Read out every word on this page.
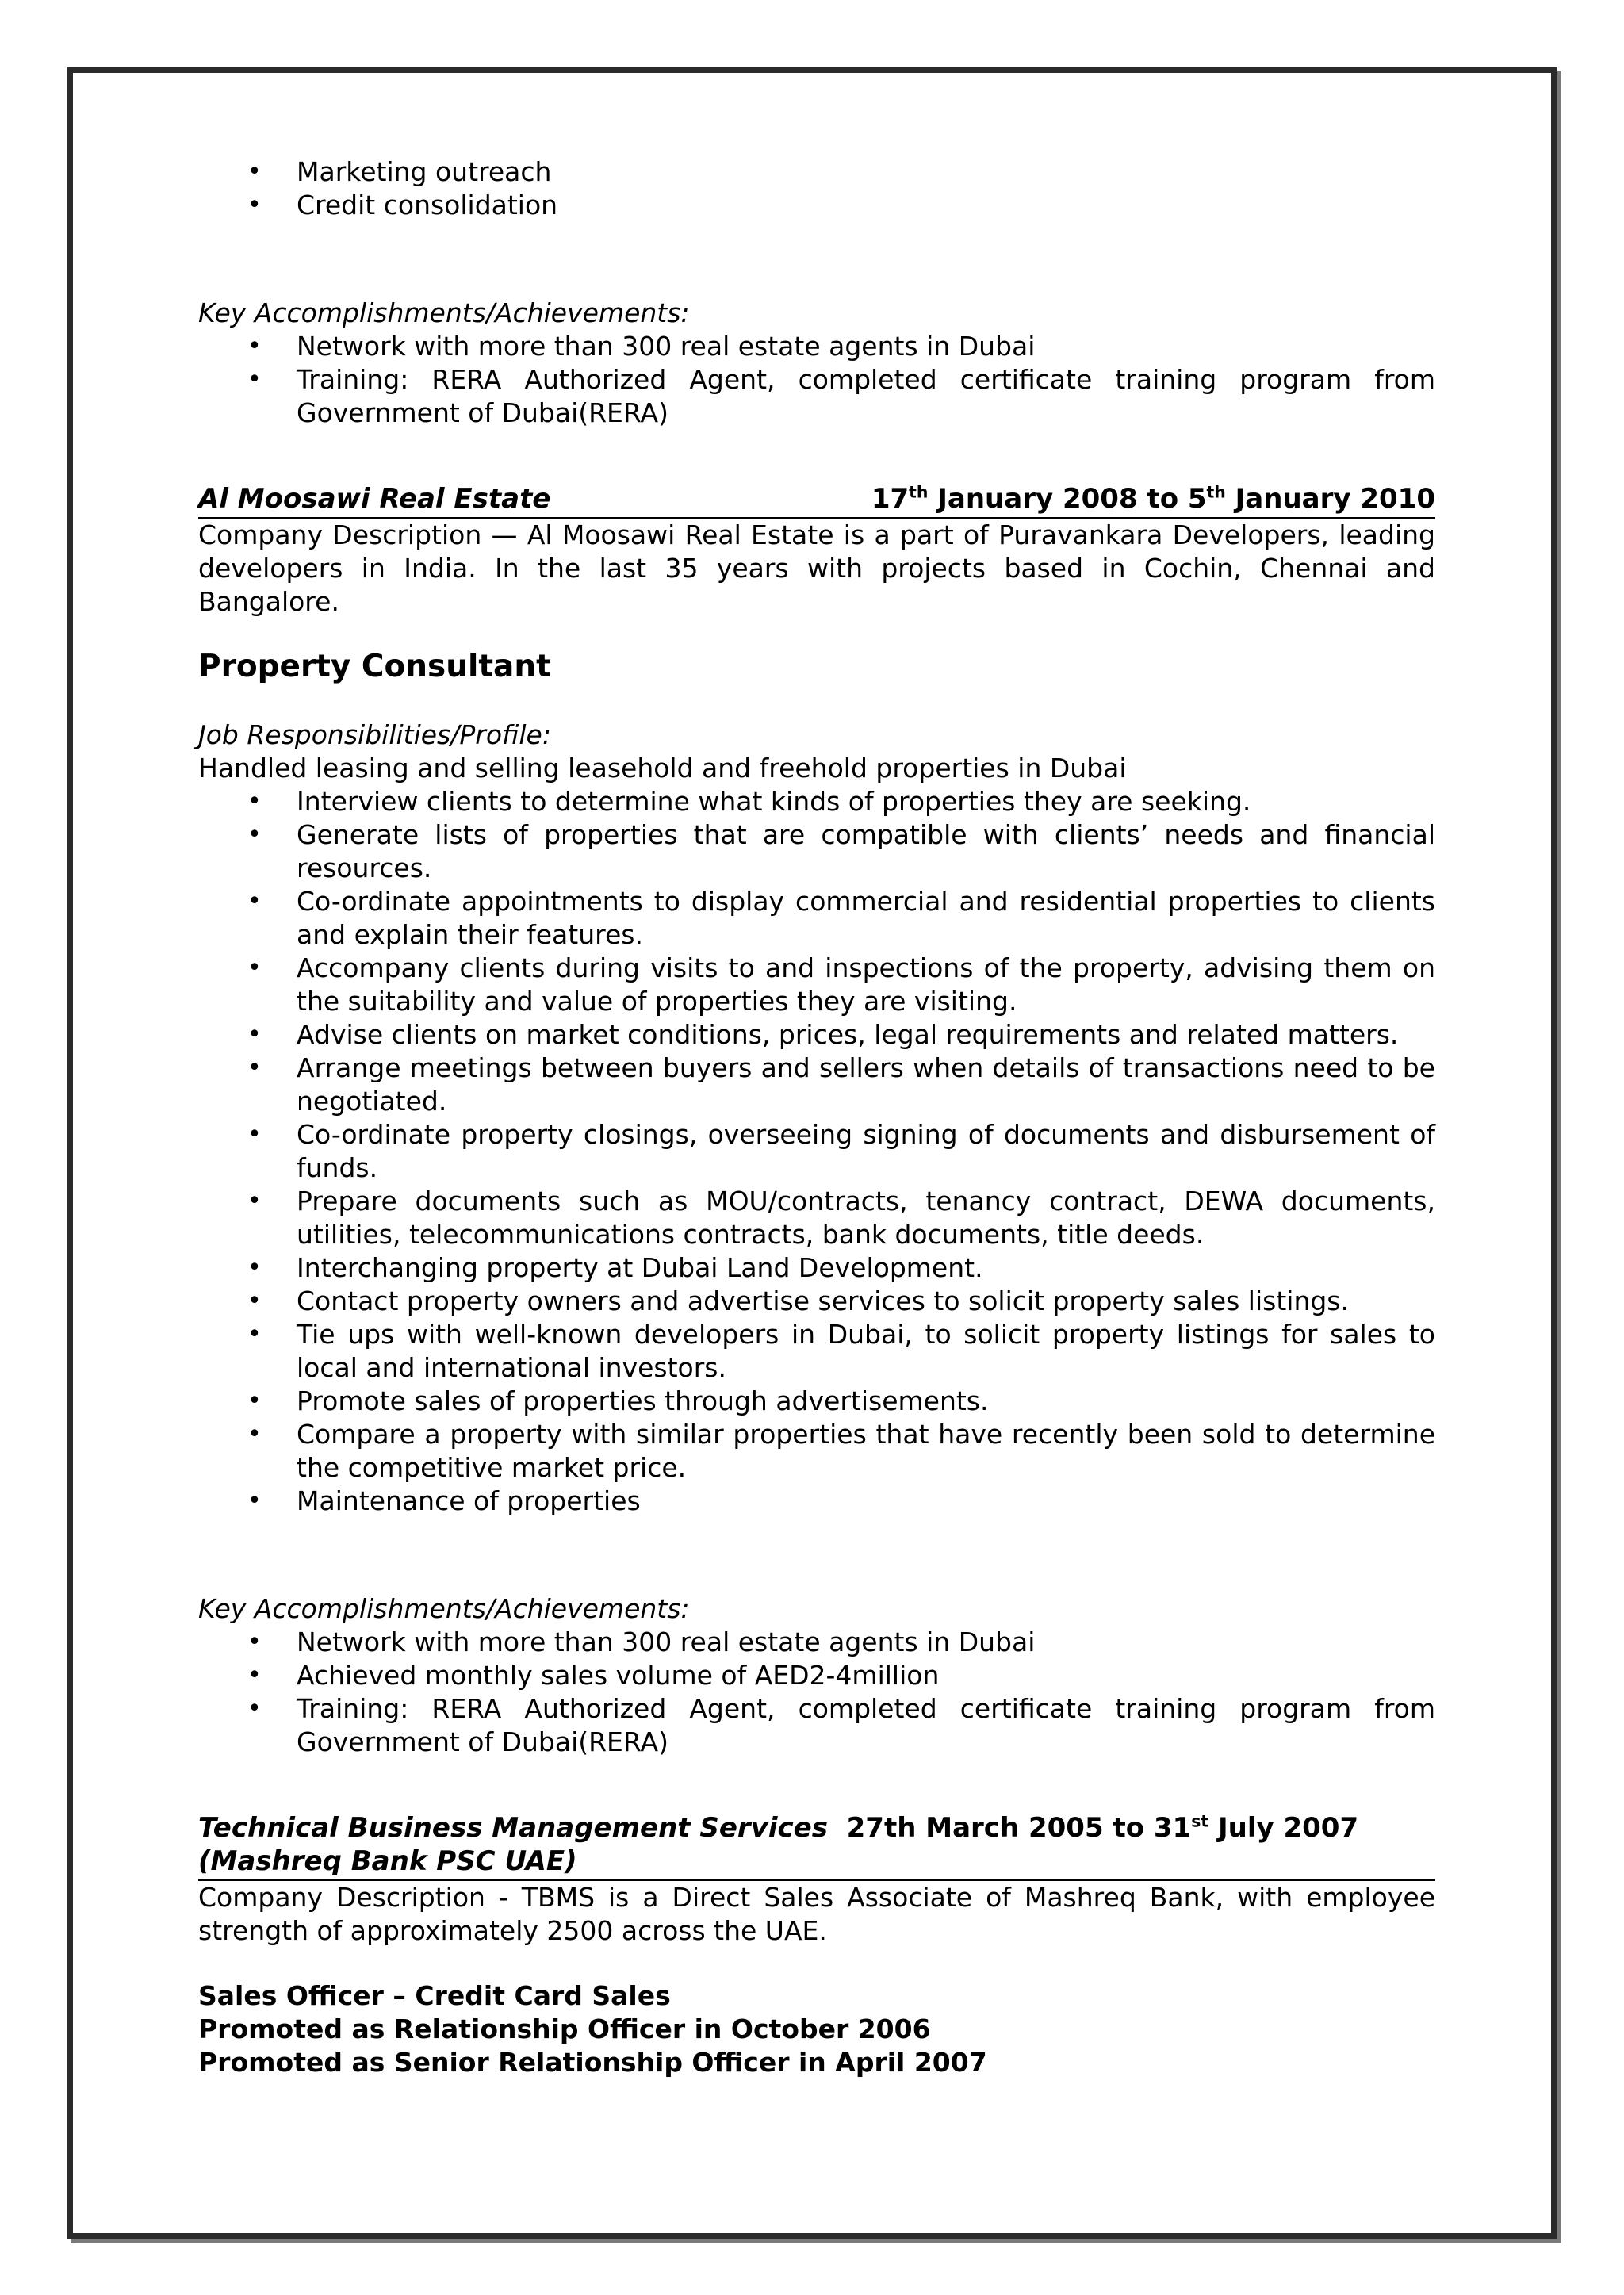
• Marketing outreach
• Credit consolidation

Key Accomplishments/Achievements:

• Network with more than 300 real estate agents in Dubai
• Training: RERA Authorized Agent, completed certificate training program from Government of Dubai(RERA)
Al Moosawi Real Estate	17th January 2008 to 5th January 2010

Company Description — Al Moosawi Real Estate is a part of Puravankara Developers, leading developers in India. In the last 35 years with projects based in Cochin, Chennai and Bangalore.

Property Consultant

Job Responsibilities/Profile:

Handled leasing and selling leasehold and freehold properties in Dubai

• Interview clients to determine what kinds of properties they are seeking.
• Generate lists of properties that are compatible with clients’ needs and financial resources.
• Co-ordinate appointments to display commercial and residential properties to clients and explain their features.
• Accompany clients during visits to and inspections of the property, advising them on the suitability and value of properties they are visiting.
• Advise clients on market conditions, prices, legal requirements and related matters.
• Arrange meetings between buyers and sellers when details of transactions need to be negotiated.
• Co-ordinate property closings, overseeing signing of documents and disbursement of funds.
• Prepare documents such as MOU/contracts, tenancy contract, DEWA documents, utilities, telecommunications contracts, bank documents, title deeds.
• Interchanging property at Dubai Land Development.
• Contact property owners and advertise services to solicit property sales listings.
• Tie ups with well-known developers in Dubai, to solicit property listings for sales to local and international investors.
• Promote sales of properties through advertisements.
• Compare a property with similar properties that have recently been sold to determine the competitive market price.
• Maintenance of properties

Key Accomplishments/Achievements:

• Network with more than 300 real estate agents in Dubai
• Achieved monthly sales volume of AED2-4million
• Training: RERA Authorized Agent, completed certificate training program from Government of Dubai(RERA)

Technical Business Management Services 27th March 2005 to 31st July 2007

(Mashreq Bank PSC UAE)

Company Description - TBMS is a Direct Sales Associate of Mashreq Bank, with employee strength of approximately 2500 across the UAE.

Sales Officer – Credit Card Sales

Promoted as Relationship Officer in October 2006

Promoted as Senior Relationship Officer in April 2007
